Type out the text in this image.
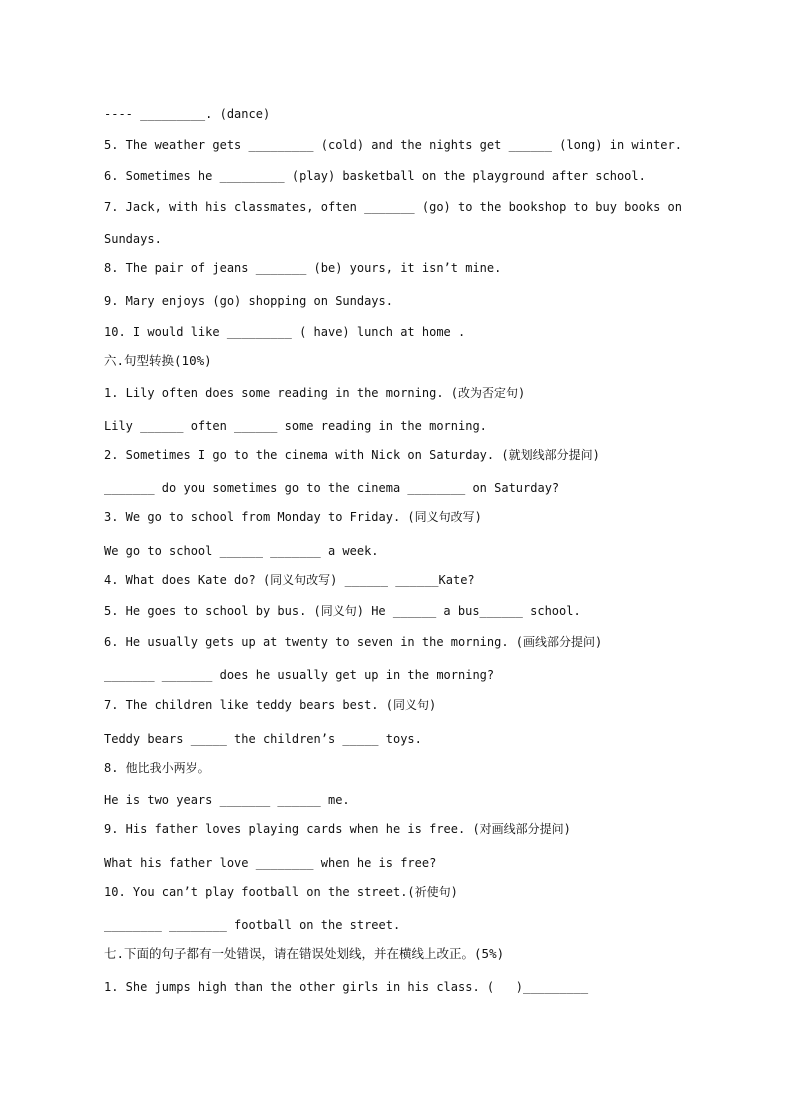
---- _________. (dance)
5. The weather gets _________ (cold) and the nights get ______ (long) in winter.
6. Sometimes he _________ (play) basketball on the playground after school.
7. Jack, with his classmates, often _______ (go) to the bookshop to buy books on
Sundays.
8. The pair of jeans _______ (be) yours, it isn’t mine.
9. Mary enjoys (go) shopping on Sundays.
10. I would like _________ ( have) lunch at home .
六.句型转换(10%)
1. Lily often does some reading in the morning. (改为否定句)
Lily ______ often ______ some reading in the morning.
2. Sometimes I go to the cinema with Nick on Saturday. (就划线部分提问)
_______ do you sometimes go to the cinema ________ on Saturday?
3. We go to school from Monday to Friday. (同义句改写)
We go to school ______ _______ a week.
4. What does Kate do? (同义句改写) ______ ______Kate?
5. He goes to school by bus. (同义句) He ______ a bus______ school.
6. He usually gets up at twenty to seven in the morning. (画线部分提问)
_______ _______ does he usually get up in the morning?
7. The children like teddy bears best. (同义句)
Teddy bears _____ the children’s _____ toys.
8. 他比我小两岁。
He is two years _______ ______ me.
9. His father loves playing cards when he is free. (对画线部分提问)
What his father love ________ when he is free?
10. You can’t play football on the street.(祈使句)
________ ________ football on the street.
七.下面的句子都有一处错误，请在错误处划线，并在横线上改正。(5%)
1. She jumps high than the other girls in his class. (   )_________
